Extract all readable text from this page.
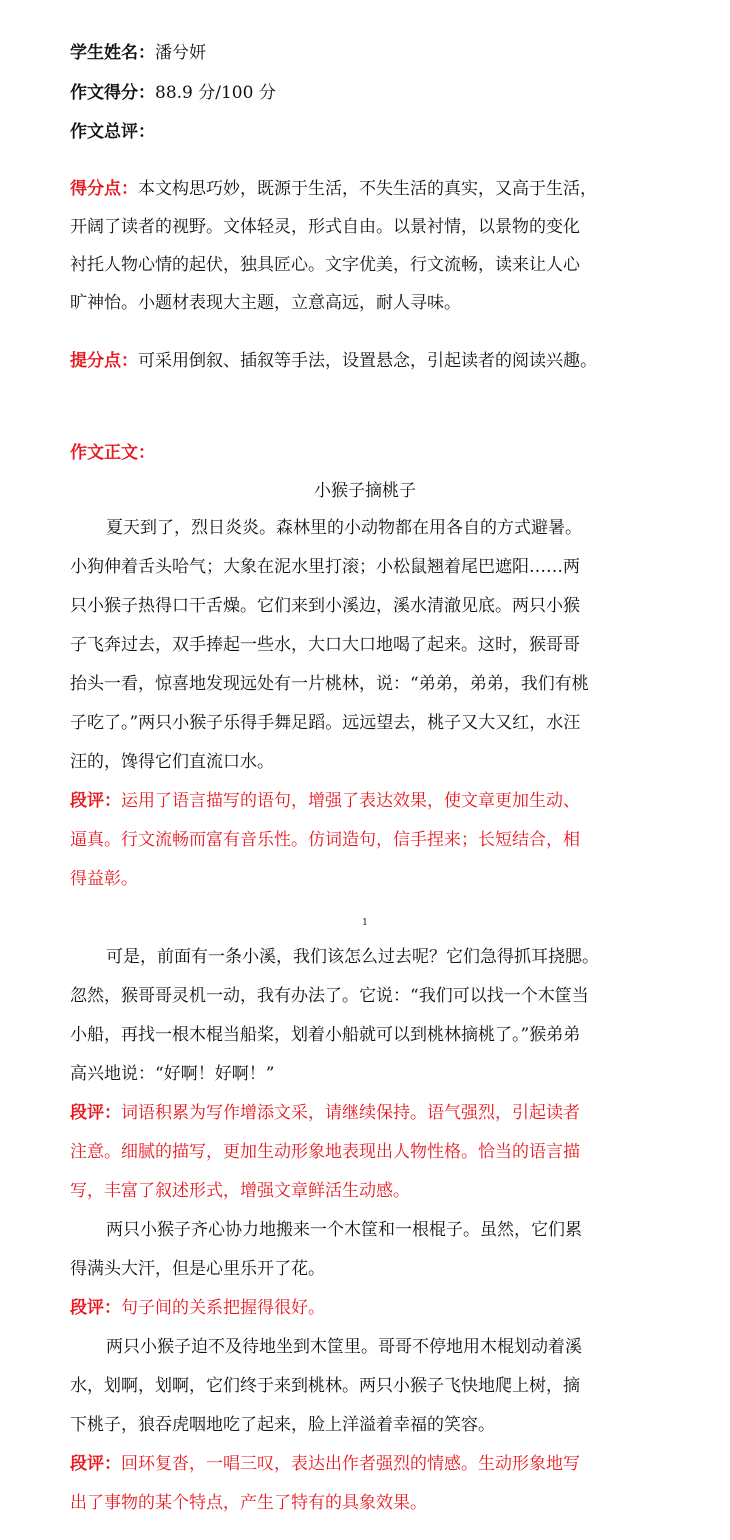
学生姓名：潘兮妍
作文得分：88.9 分/100 分
作文总评：
得分点：本文构思巧妙，既源于生活，不失生活的真实，又高于生活，
开阔了读者的视野。文体轻灵，形式自由。以景衬情，以景物的变化
衬托人物心情的起伏，独具匠心。文字优美，行文流畅，读来让人心
旷神怡。小题材表现大主题，立意高远，耐人寻味。
提分点：可采用倒叙、插叙等手法，设置悬念，引起读者的阅读兴趣。
作文正文：
小猴子摘桃子
夏天到了，烈日炎炎。森林里的小动物都在用各自的方式避暑。
小狗伸着舌头哈气；大象在泥水里打滚；小松鼠翘着尾巴遮阳……两
只小猴子热得口干舌燥。它们来到小溪边，溪水清澈见底。两只小猴
子飞奔过去，双手捧起一些水，大口大口地喝了起来。这时，猴哥哥
抬头一看，惊喜地发现远处有一片桃林，说：“弟弟，弟弟，我们有桃
子吃了。”两只小猴子乐得手舞足蹈。远远望去，桃子又大又红，水汪
汪的，馋得它们直流口水。
段评：运用了语言描写的语句，增强了表达效果，使文章更加生动、
逼真。行文流畅而富有音乐性。仿词造句，信手捏来；长短结合，相
得益彰。
1
可是，前面有一条小溪，我们该怎么过去呢？它们急得抓耳挠腮。
忽然，猴哥哥灵机一动，我有办法了。它说：“我们可以找一个木筐当
小船，再找一根木棍当船桨，划着小船就可以到桃林摘桃了。”猴弟弟
高兴地说：“好啊！好啊！”
段评：词语积累为写作增添文采，请继续保持。语气强烈，引起读者
注意。细腻的描写，更加生动形象地表现出人物性格。恰当的语言描
写，丰富了叙述形式，增强文章鲜活生动感。
两只小猴子齐心协力地搬来一个木筐和一根棍子。虽然，它们累
得满头大汗，但是心里乐开了花。
段评：句子间的关系把握得很好。
两只小猴子迫不及待地坐到木筐里。哥哥不停地用木棍划动着溪
水，划啊，划啊，它们终于来到桃林。两只小猴子飞快地爬上树，摘
下桃子，狼吞虎咽地吃了起来，脸上洋溢着幸福的笑容。
段评：回环复沓，一唱三叹，表达出作者强烈的情感。生动形象地写
出了事物的某个特点，产生了特有的具象效果。
